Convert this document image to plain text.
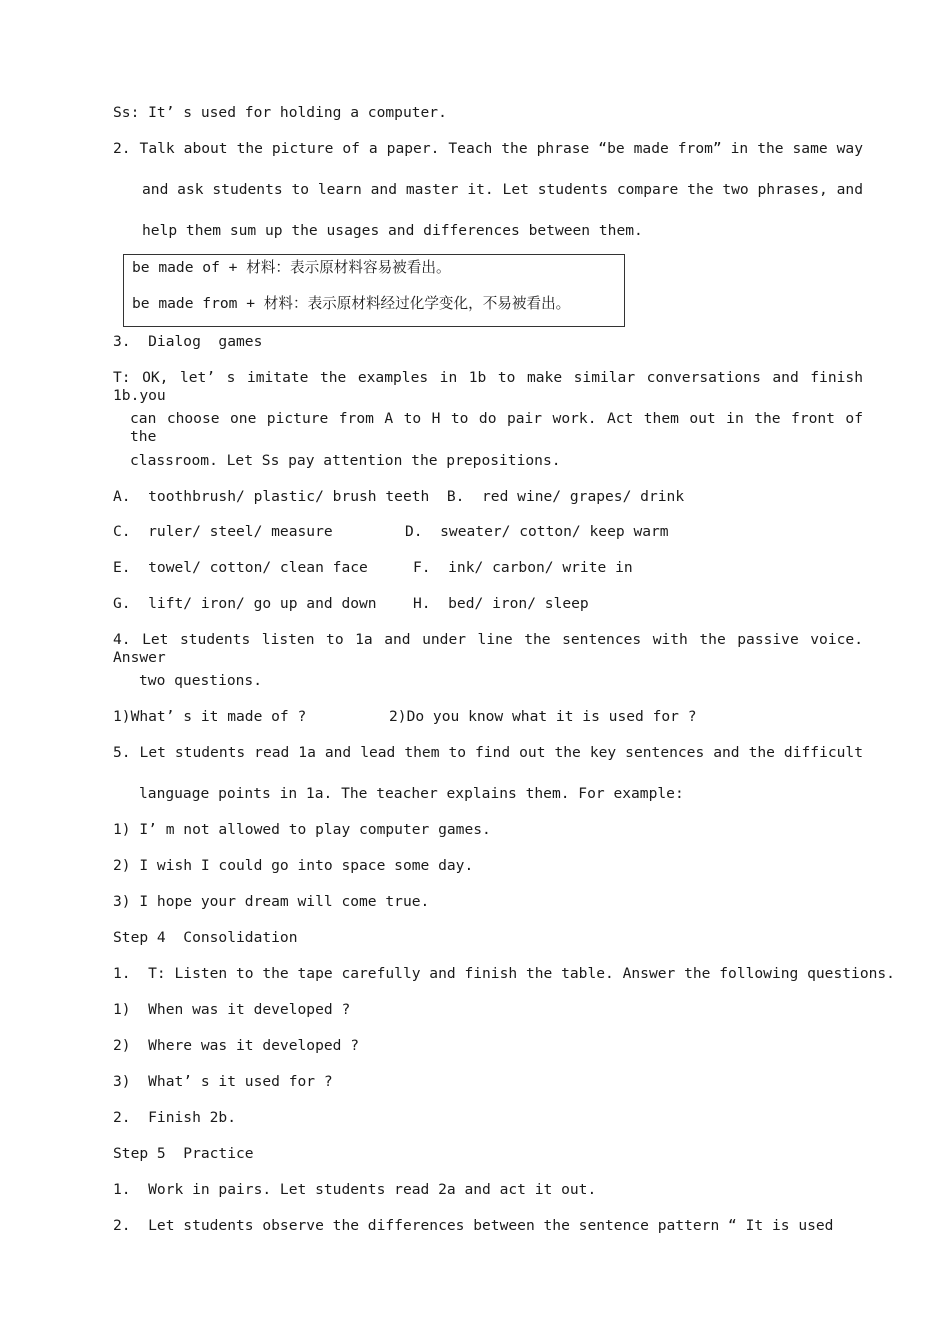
Ss: It’ s used for holding a computer.
2. Talk about the picture of a paper. Teach the phrase “be made from” in the same way
and ask students to learn and master it. Let students compare the two phrases, and
help them sum up the usages and differences between them.
be made of + 材料：表示原材料容易被看出。
be made from + 材料：表示原材料经过化学变化，不易被看出。
3.  Dialog  games
T: OK, let’ s imitate the examples in 1b to make similar conversations and finish 1b.you
can choose one picture from A to H to do pair work. Act them out in the front of the
classroom. Let Ss pay attention the prepositions.
A.  toothbrush/ plastic/ brush teeth  B.  red wine/ grapes/ drink
C.  ruler/ steel/ measure	D.  sweater/ cotton/ keep warm
E.  towel/ cotton/ clean face	F.  ink/ carbon/ write in
G.  lift/ iron/ go up and down H.  bed/ iron/ sleep
4. Let students listen to 1a and under line the sentences with the passive voice. Answer
two questions.
1)What’ s it made of ?	2)Do you know what it is used for ?
5. Let students read 1a and lead them to find out the key sentences and the difficult
language points in 1a. The teacher explains them. For example:
1) I’ m not allowed to play computer games.
2) I wish I could go into space some day.
3) I hope your dream will come true.
Step 4  Consolidation
1.  T: Listen to the tape carefully and finish the table. Answer the following questions.
1)  When was it developed ?
2)  Where was it developed ?
3)  What’ s it used for ?
2.  Finish 2b.
Step 5  Practice
1.  Work in pairs. Let students read 2a and act it out.
2.  Let students observe the differences between the sentence pattern “ It is used
